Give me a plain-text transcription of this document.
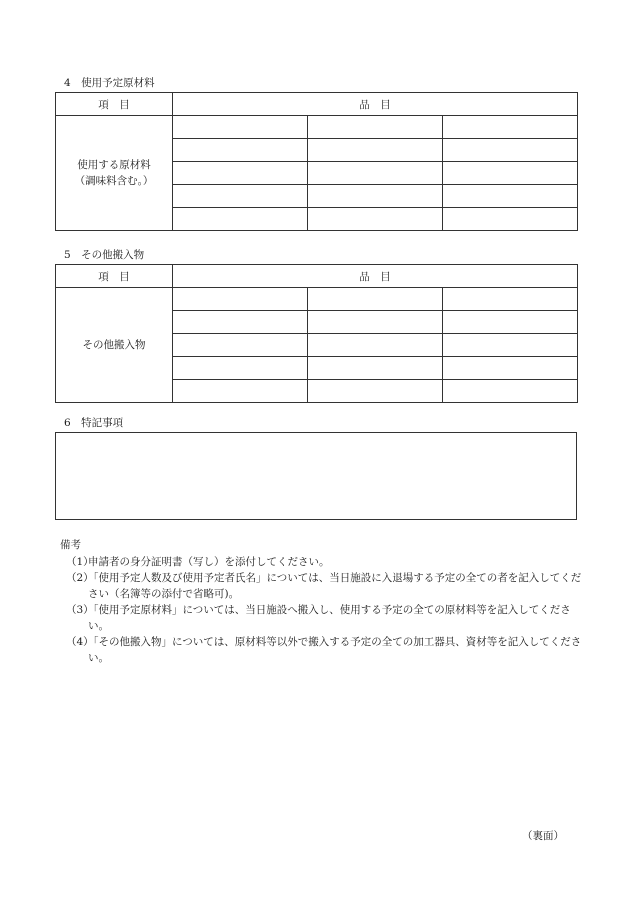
4　使用予定原材料
項　目	品　目		

使用する原材料
（調味料含む。）			

5　その他搬入物
項　目	品　目		
その他搬入物			

6　特記事項
備考
（1）
申請者の身分証明書（写し）を添付してください。
（2）
「使用予定人数及び使用予定者氏名」については、当日施設に入退場する予定の全ての者を記入してください（名簿等の添付で省略可)。
（3）
「使用予定原材料」については、当日施設へ搬入し、使用する予定の全ての原材料等を記入してください。
（4）
「その他搬入物」については、原材料等以外で搬入する予定の全ての加工器具、資材等を記入してください。
（裏面）
